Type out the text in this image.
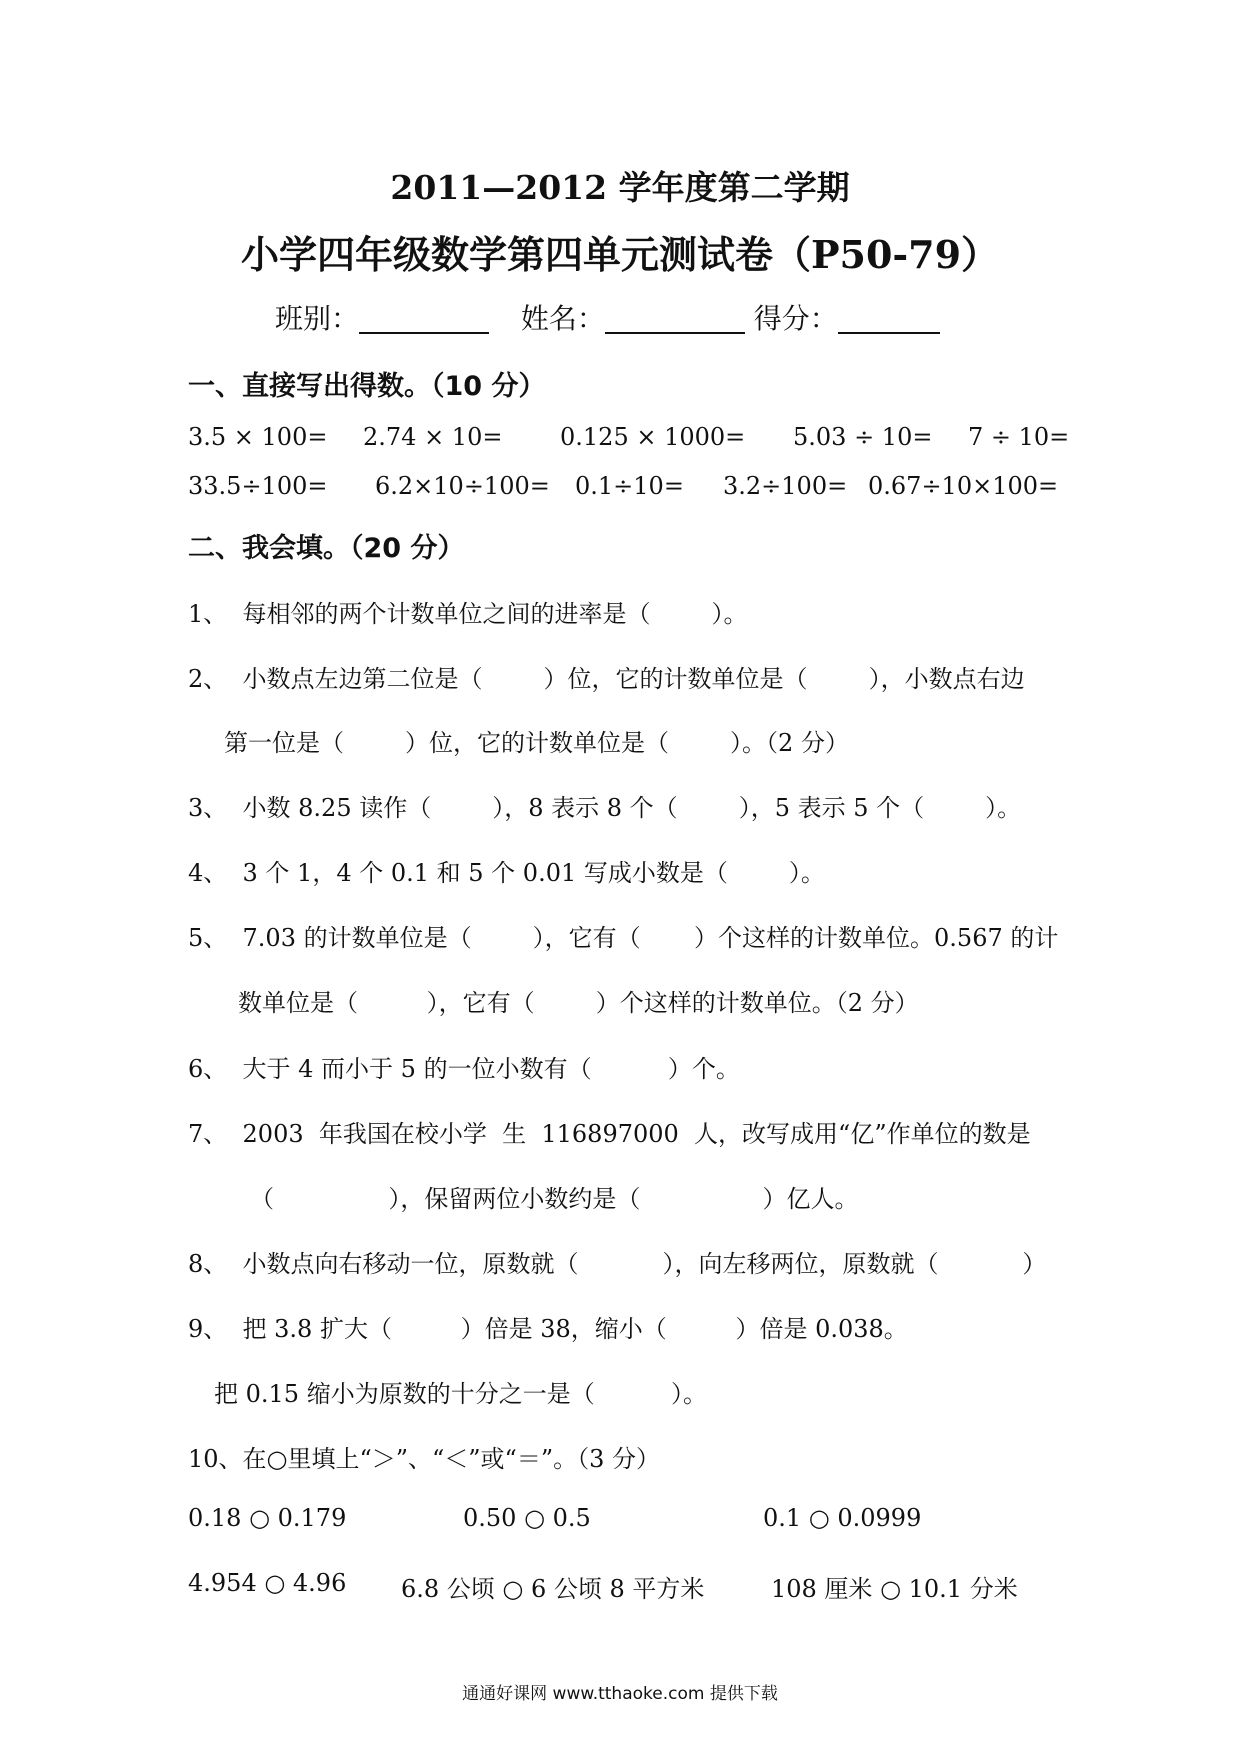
2011—2012 学年度第二学期
小学四年级数学第四单元测试卷（P50-79）
班别：	姓名：	得分：
一、直接写出得数。（10 分）
3.5 × 100= 2.74 × 10= 0.125 × 1000= 5.03 ÷ 10= 7 ÷ 10=
33.5÷100= 6.2×10÷100= 0.1÷10= 3.2÷100= 0.67÷10×100=
二、我会填。（20 分）
1、  每相邻的两个计数单位之间的进率是（        ）。
2、  小数点左边第二位是（        ）位，它的计数单位是（        ），小数点右边
第一位是（        ）位，它的计数单位是（        ）。（2 分）
3、  小数 8.25 读作（        ），8 表示 8 个（        ），5 表示 5 个（        ）。
4、  3 个 1，4 个 0.1 和 5 个 0.01 写成小数是（        ）。
5、  7.03 的计数单位是（        ），它有（       ）个这样的计数单位。0.567 的计
数单位是（         ），它有（        ）个这样的计数单位。（2 分）
6、  大于 4 而小于 5 的一位小数有（          ）个。
7、  2003  年我国在校小学  生  116897000  人，改写成用“亿”作单位的数是
（               ），保留两位小数约是（                ）亿人。
8、  小数点向右移动一位，原数就（           ），向左移两位，原数就（           ）
9、  把 3.8 扩大（         ）倍是 38，缩小（         ）倍是 0.038。
把 0.15 缩小为原数的十分之一是（          ）。
10、在○里填上“＞”、“＜”或“＝”。（3 分）
0.18 ○ 0.179	0.50 ○ 0.5	0.1 ○ 0.0999
4.954 ○ 4.96 6.8 公顷 ○ 6 公顷 8 平方米	108 厘米 ○ 10.1 分米
通通好课网 www.tthaoke.com 提供下载
